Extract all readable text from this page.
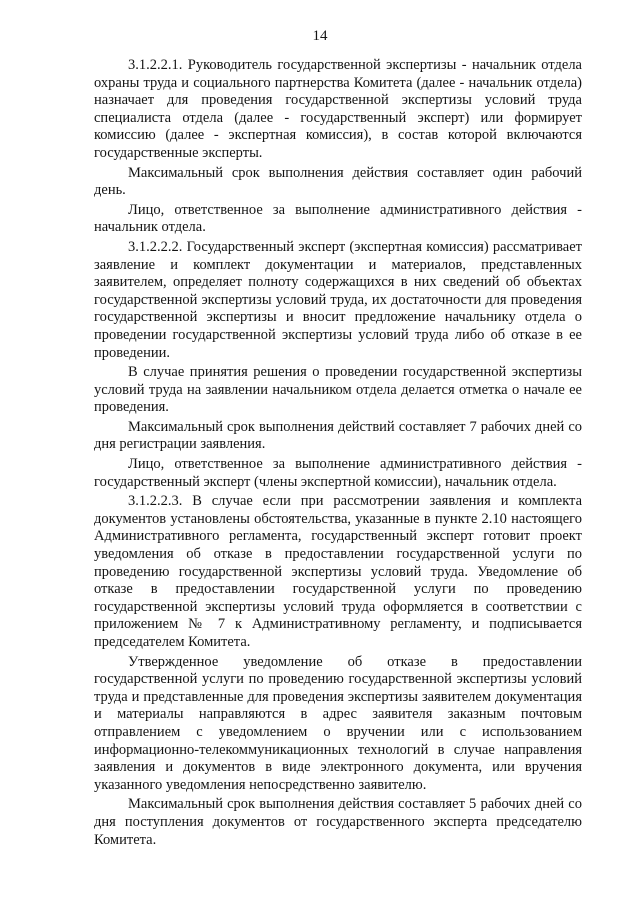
14

3.1.2.2.1. Руководитель государственной экспертизы - начальник отдела охраны труда и социального партнерства Комитета (далее - начальник отдела) назначает для проведения государственной экспертизы условий труда специалиста отдела (далее - государственный эксперт) или формирует комиссию (далее - экспертная комиссия), в состав которой включаются государственные эксперты.

Максимальный срок выполнения действия составляет один рабочий день.

Лицо, ответственное за выполнение административного действия - начальник отдела.

3.1.2.2.2. Государственный эксперт (экспертная комиссия) рассматривает заявление и комплект документации и материалов, представленных заявителем, определяет полноту содержащихся в них сведений об объектах государственной экспертизы условий труда, их достаточности для проведения государственной экспертизы и вносит предложение начальнику отдела о проведении государственной экспертизы условий труда либо об отказе в ее проведении.

В случае принятия решения о проведении государственной экспертизы условий труда на заявлении начальником отдела делается отметка о начале ее проведения.

Максимальный срок выполнения действий составляет 7 рабочих дней со дня регистрации заявления.

Лицо, ответственное за выполнение административного действия - государственный эксперт (члены экспертной комиссии), начальник отдела.

3.1.2.2.3. В случае если при рассмотрении заявления и комплекта документов установлены обстоятельства, указанные в пункте 2.10 настоящего Административного регламента, государственный эксперт готовит проект уведомления об отказе в предоставлении государственной услуги по проведению государственной экспертизы условий труда. Уведомление об отказе в предоставлении государственной услуги по проведению государственной экспертизы условий труда оформляется в соответствии с приложением № 7 к Административному регламенту, и подписывается председателем Комитета.

Утвержденное уведомление об отказе в предоставлении государственной услуги по проведению государственной экспертизы условий труда и представленные для проведения экспертизы заявителем документация и материалы направляются в адрес заявителя заказным почтовым отправлением с уведомлением о вручении или с использованием информационно-телекоммуникационных технологий в случае направления заявления и документов в виде электронного документа, или вручения указанного уведомления непосредственно заявителю.

Максимальный срок выполнения действия составляет 5 рабочих дней со дня поступления документов от государственного эксперта председателю Комитета.
